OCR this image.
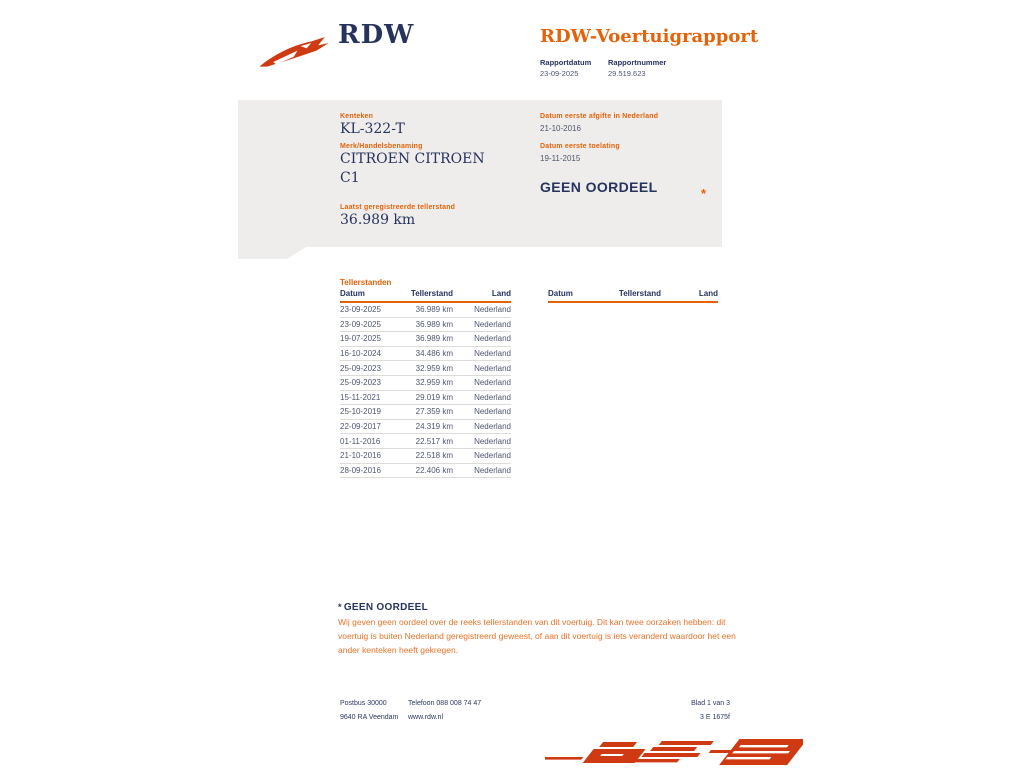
RDW	RDW-Voertuigrapport
Rapportdatum Rapportnummer
23-09-2025	29.519.623
Kenteken
KL-322-T
Merk/Handelsbenaming
CITROEN CITROEN C1
Laatst geregistreerde tellerstand
36.989 km
Datum eerste afgifte in Nederland
21-10-2016
Datum eerste toelating
19-11-2015
GEEN OORDEEL	*
Tellerstanden
Datum	Tellerstand	Land
23-09-2025	36.989 km	Nederland
23-09-2025	36.989 km	Nederland
19-07-2025	36.989 km	Nederland
16-10-2024	34.486 km	Nederland
25-09-2023	32.959 km	Nederland
25-09-2023	32.959 km	Nederland
15-11-2021	29.019 km	Nederland
25-10-2019	27.359 km	Nederland
22-09-2017	24.319 km	Nederland
01-11-2016	22.517 km	Nederland
21-10-2016	22.518 km	Nederland
28-09-2016	22.406 km	Nederland
Datum	Tellerstand	Land
* GEEN OORDEEL
Wij geven geen oordeel over de reeks tellerstanden van dit voertuig. Dit kan twee oorzaken hebben: dit voertuig is buiten Nederland geregistreerd geweest, of aan dit voertuig is iets veranderd waardoor het een ander kenteken heeft gekregen.
Postbus 30000	Telefoon 088 008 74 47
9640 RA Veendam	www.rdw.nl
Blad 1 van 3
3 E 1675f
